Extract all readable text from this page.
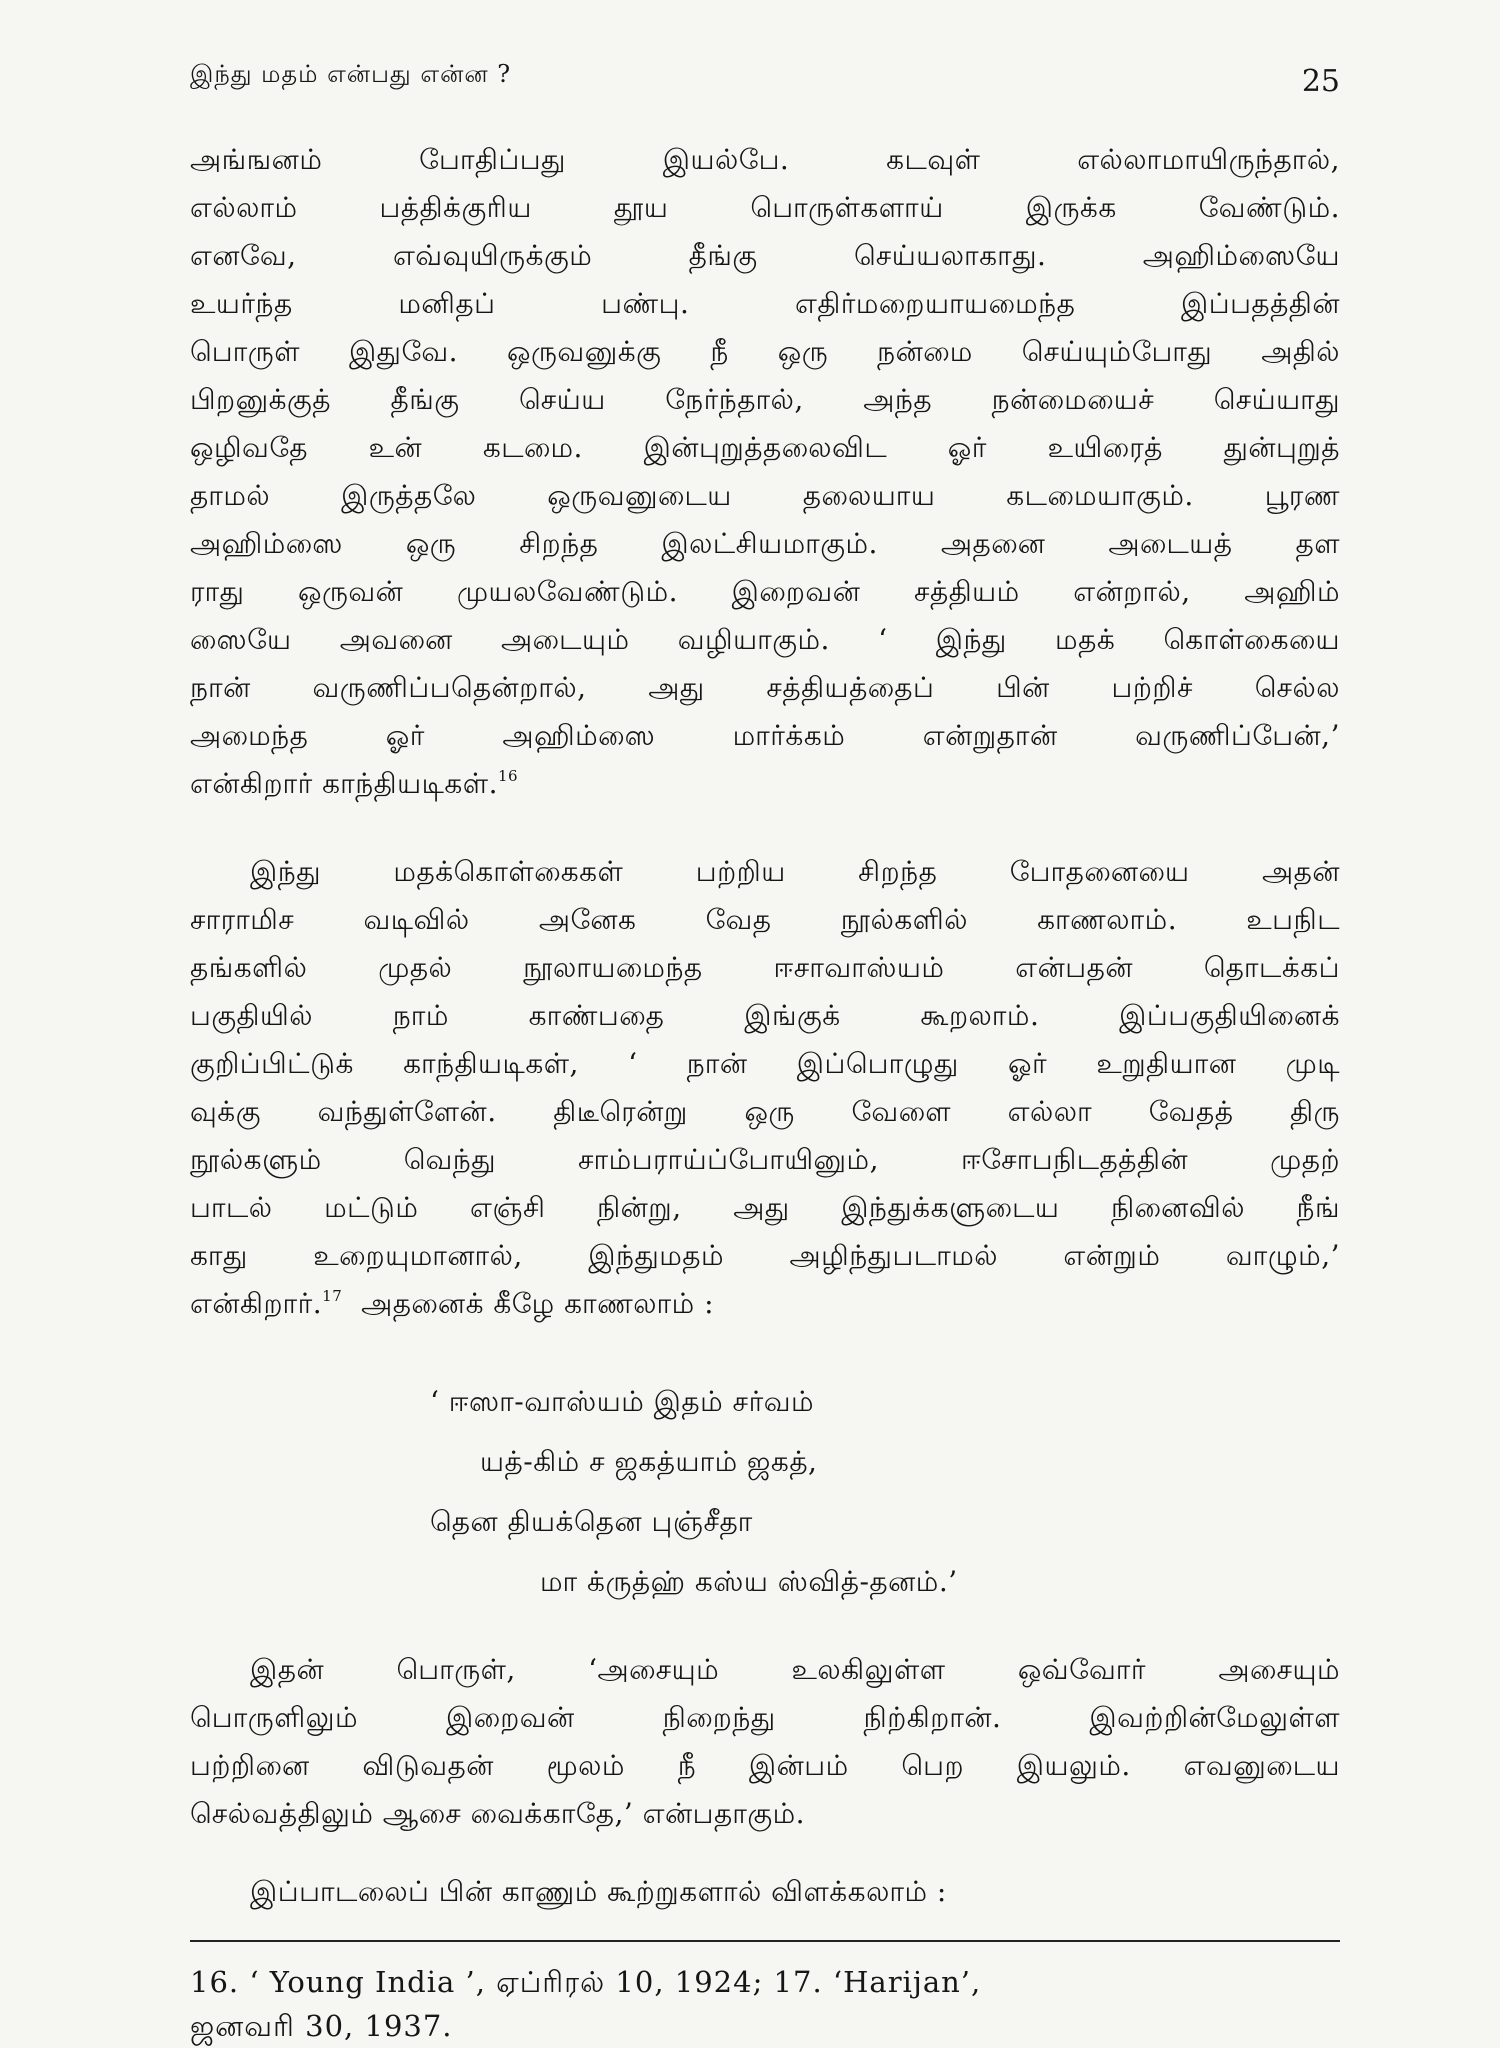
இந்து மதம் என்பது என்ன ?	25

அங்ஙனம் போதிப்பது இயல்பே. கடவுள் எல்லாமாயிருந்தால்,
எல்லாம் பத்திக்குரிய தூய பொருள்களாய் இருக்க வேண்டும்.
எனவே, எவ்வுயிருக்கும் தீங்கு செய்யலாகாது. அஹிம்ஸையே
உயர்ந்த மனிதப் பண்பு. எதிர்மறையாயமைந்த இப்பதத்தின்
பொருள் இதுவே. ஒருவனுக்கு நீ ஒரு நன்மை செய்யும்போது அதில்
பிறனுக்குத் தீங்கு செய்ய நேர்ந்தால், அந்த நன்மையைச் செய்யாது
ஒழிவதே உன் கடமை. இன்புறுத்தலைவிட ஓர் உயிரைத் துன்புறுத்
தாமல் இருத்தலே ஒருவனுடைய தலையாய கடமையாகும். பூரண
அஹிம்ஸை ஒரு சிறந்த இலட்சியமாகும். அதனை அடையத் தள
ராது ஒருவன் முயலவேண்டும். இறைவன் சத்தியம் என்றால், அஹிம்
ஸையே அவனை அடையும் வழியாகும். ‘ இந்து மதக் கொள்கையை
நான் வருணிப்பதென்றால், அது சத்தியத்தைப் பின் பற்றிச் செல்ல
அமைந்த ஓர் அஹிம்ஸை மார்க்கம் என்றுதான் வருணிப்பேன்,’
என்கிறார் காந்தியடிகள்.$^{16}$

இந்து மதக்கொள்கைகள் பற்றிய சிறந்த போதனையை அதன்
சாராமிச வடிவில் அனேக வேத நூல்களில் காணலாம். உபநிட
தங்களில் முதல் நூலாயமைந்த ஈசாவாஸ்யம் என்பதன் தொடக்கப்
பகுதியில் நாம் காண்பதை இங்குக் கூறலாம். இப்பகுதியினைக்
குறிப்பிட்டுக் காந்தியடிகள், ‘ நான் இப்பொழுது ஓர் உறுதியான முடி
வுக்கு வந்துள்ளேன். திடீரென்று ஒரு வேளை எல்லா வேதத் திரு
நூல்களும் வெந்து சாம்பராய்ப்போயினும், ஈசோபநிடதத்தின் முதற்
பாடல் மட்டும் எஞ்சி நின்று, அது இந்துக்களுடைய நினைவில் நீங்
காது உறையுமானால், இந்துமதம் அழிந்துபடாமல் என்றும் வாழும்,’
என்கிறார்.$^{17}$ அதனைக் கீழே காணலாம் :

‘ ஈஸா-வாஸ்யம் இதம் சர்வம்
யத்-கிம் ச ஜகத்யாம் ஜகத்,
தென தியக்தென புஞ்சீதா
மா க்ருத்ஹ் கஸ்ய ஸ்வித்-தனம்.’

இதன் பொருள், ‘அசையும் உலகிலுள்ள ஒவ்வோர் அசையும்
பொருளிலும் இறைவன் நிறைந்து நிற்கிறான். இவற்றின்மேலுள்ள
பற்றினை விடுவதன் மூலம் நீ இன்பம் பெற இயலும். எவனுடைய
செல்வத்திலும் ஆசை வைக்காதே,’ என்பதாகும்.

இப்பாடலைப் பின் காணும் கூற்றுகளால் விளக்கலாம் :

16. ‘ Young India ’, ஏப்ரிரல் 10, 1924; 17. ‘Harijan’,
ஜனவரி 30, 1937.
